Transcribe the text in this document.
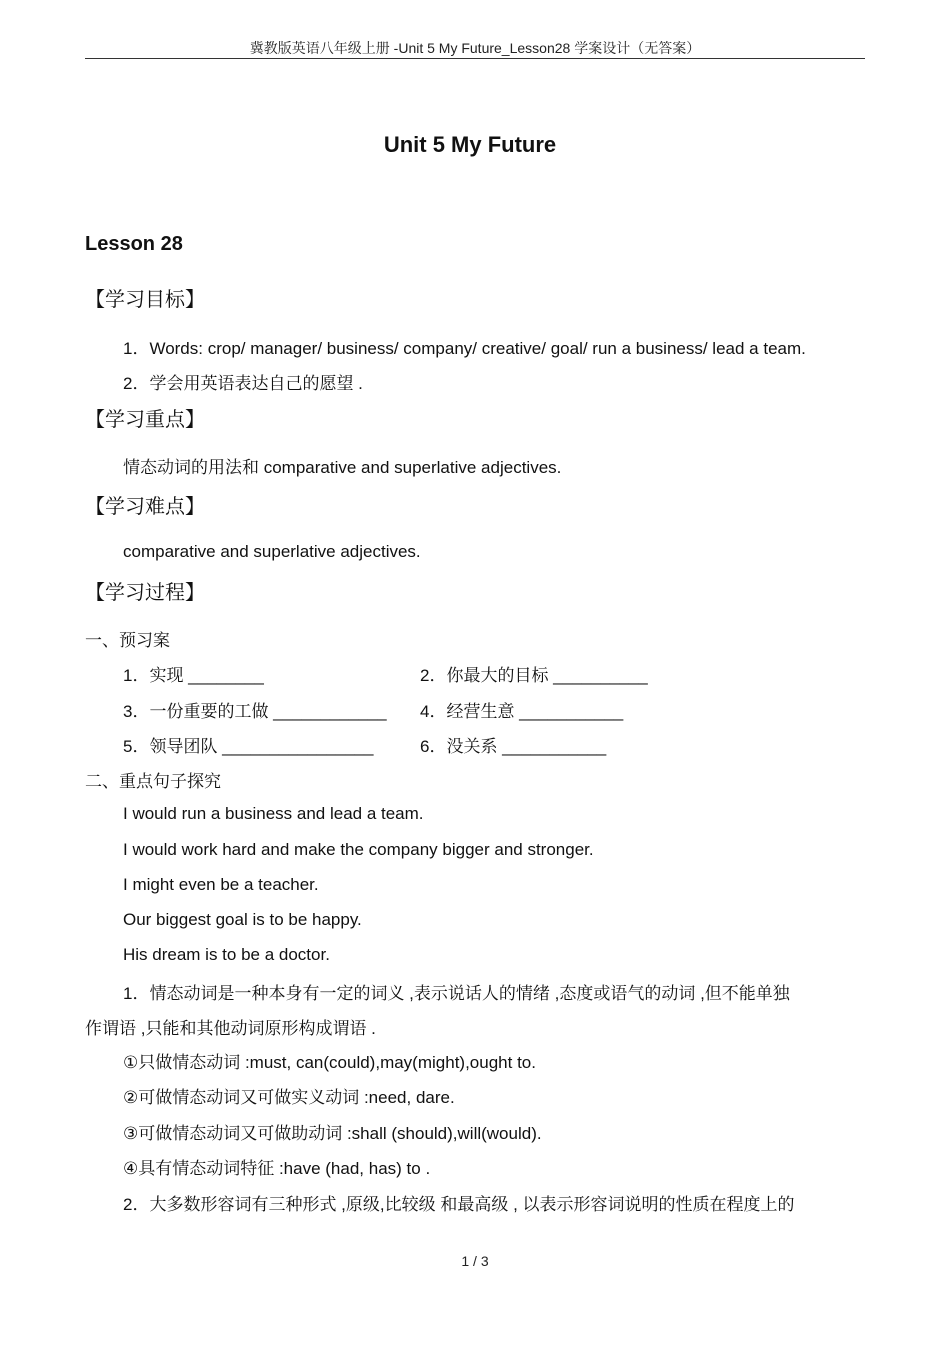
冀教版英语八年级上册 -Unit 5 My Future_Lesson28 学案设计（无答案）
Unit 5 My Future
Lesson 28
【学习目标】
1．Words: crop/ manager/ business/ company/ creative/ goal/ run a business/ lead a team.
2．学会用英语表达自己的愿望 .
【学习重点】
情态动词的用法和 comparative and superlative adjectives.
【学习难点】
comparative and superlative adjectives.
【学习过程】
一、预习案
1．实现 ________	2．你最大的目标 __________
3．一份重要的工做 ____________ 4．经营生意 ___________
5．领导团队 ________________	6．没关系 ___________
二、重点句子探究
I would run a business and lead a team.
I would work hard and make the company bigger and stronger.
I might even be a teacher.
Our biggest goal is to be happy.
His dream is to be a doctor.
1．情态动词是一种本身有一定的词义 ,表示说话人的情绪 ,态度或语气的动词 ,但不能单独
作谓语 ,只能和其他动词原形构成谓语 .
①只做情态动词 :must, can(could),may(might),ought to.
②可做情态动词又可做实义动词 :need, dare.
③可做情态动词又可做助动词 :shall (should),will(would).
④具有情态动词特征 :have (had, has) to .
2．大多数形容词有三种形式 ,原级,比较级 和最高级 , 以表示形容词说明的性质在程度上的
1 / 3
